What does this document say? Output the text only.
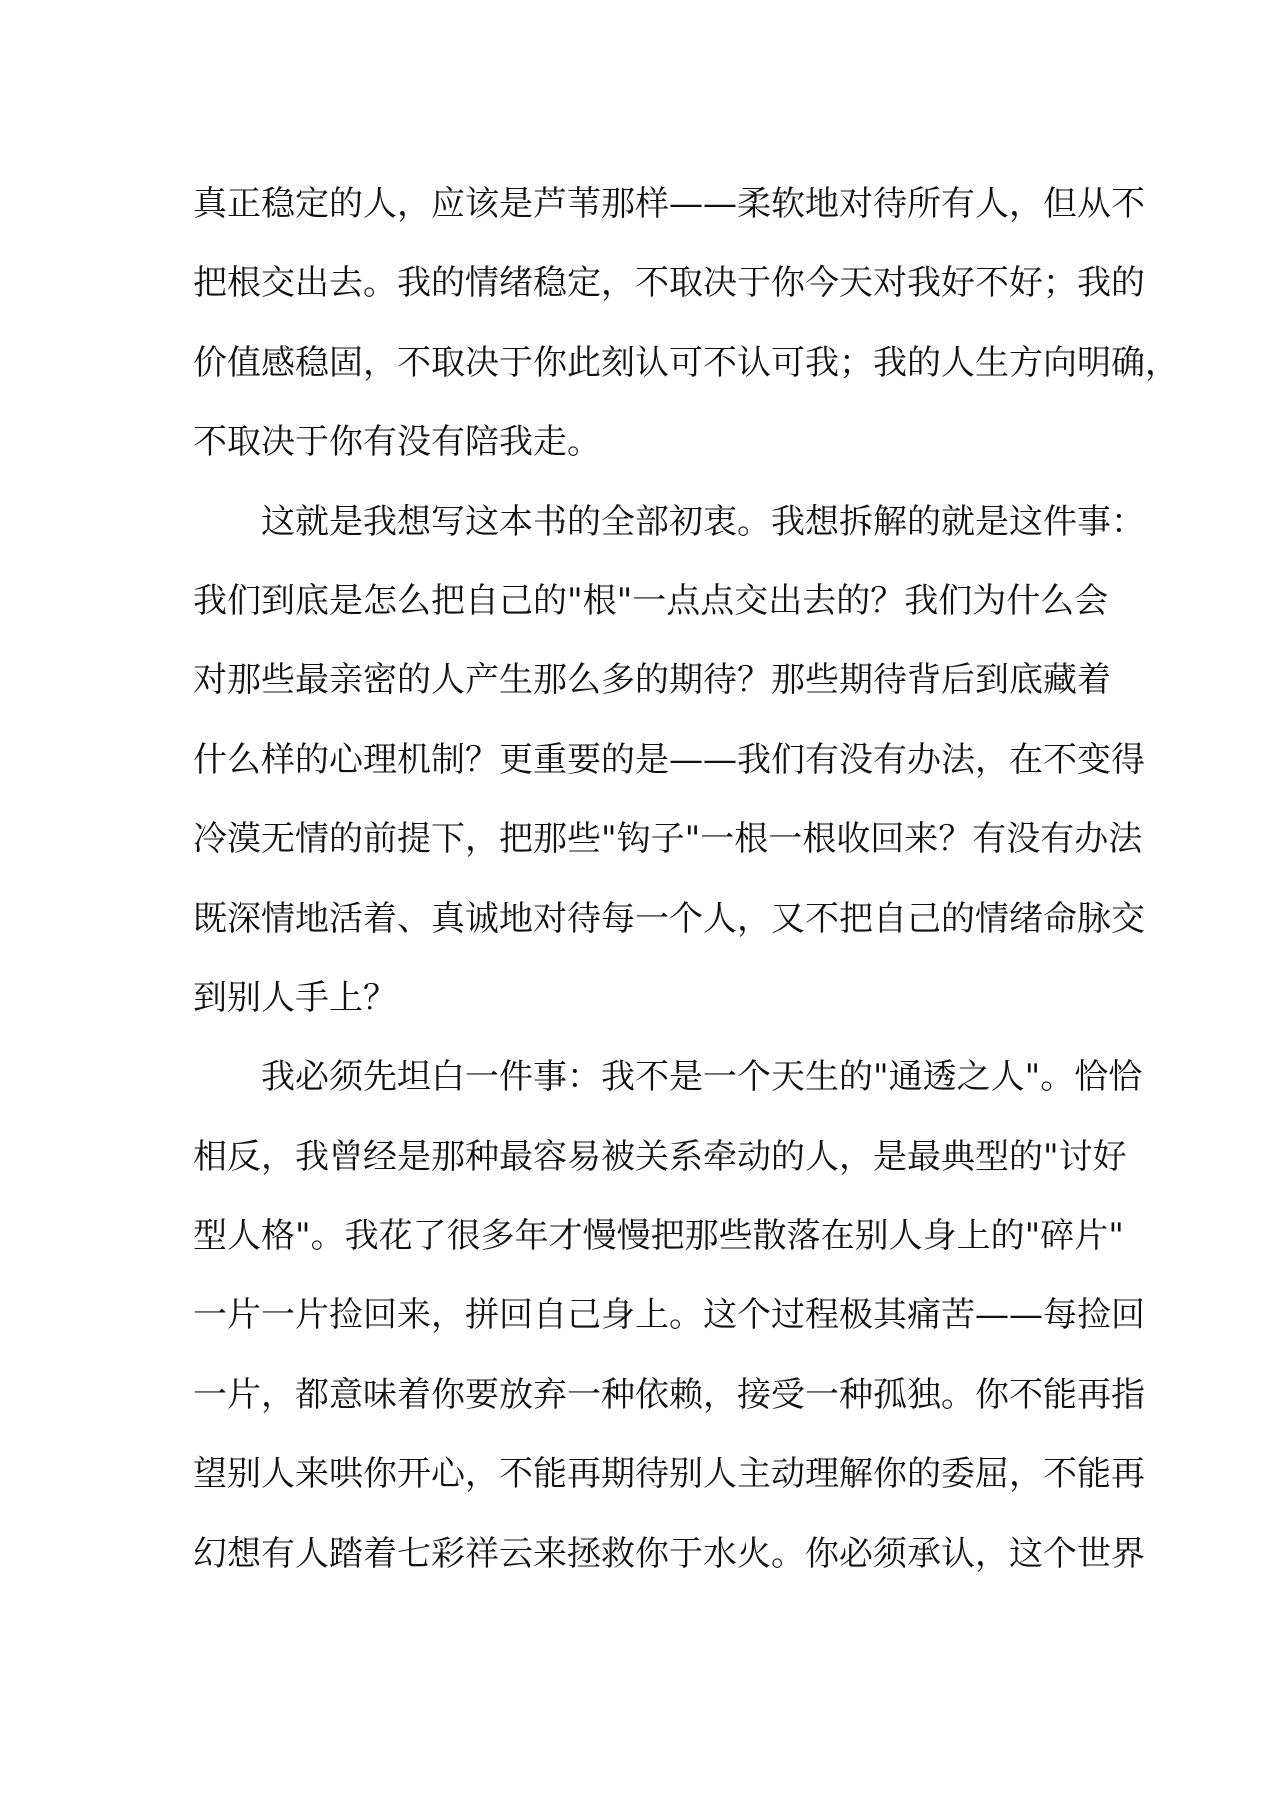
真正稳定的人，应该是芦苇那样——柔软地对待所有人，但从不
把根交出去。我的情绪稳定，不取决于你今天对我好不好；我的
价值感稳固，不取决于你此刻认可不认可我；我的人生方向明确，
不取决于你有没有陪我走。
这就是我想写这本书的全部初衷。我想拆解的就是这件事：
我们到底是怎么把自己的"根"一点点交出去的？我们为什么会
对那些最亲密的人产生那么多的期待？那些期待背后到底藏着
什么样的心理机制？更重要的是——我们有没有办法，在不变得
冷漠无情的前提下，把那些"钩子"一根一根收回来？有没有办法
既深情地活着、真诚地对待每一个人，又不把自己的情绪命脉交
到别人手上？
我必须先坦白一件事：我不是一个天生的"通透之人"。恰恰
相反，我曾经是那种最容易被关系牵动的人，是最典型的"讨好
型人格"。我花了很多年才慢慢把那些散落在别人身上的"碎片"
一片一片捡回来，拼回自己身上。这个过程极其痛苦——每捡回
一片，都意味着你要放弃一种依赖，接受一种孤独。你不能再指
望别人来哄你开心，不能再期待别人主动理解你的委屈，不能再
幻想有人踏着七彩祥云来拯救你于水火。你必须承认，这个世界
